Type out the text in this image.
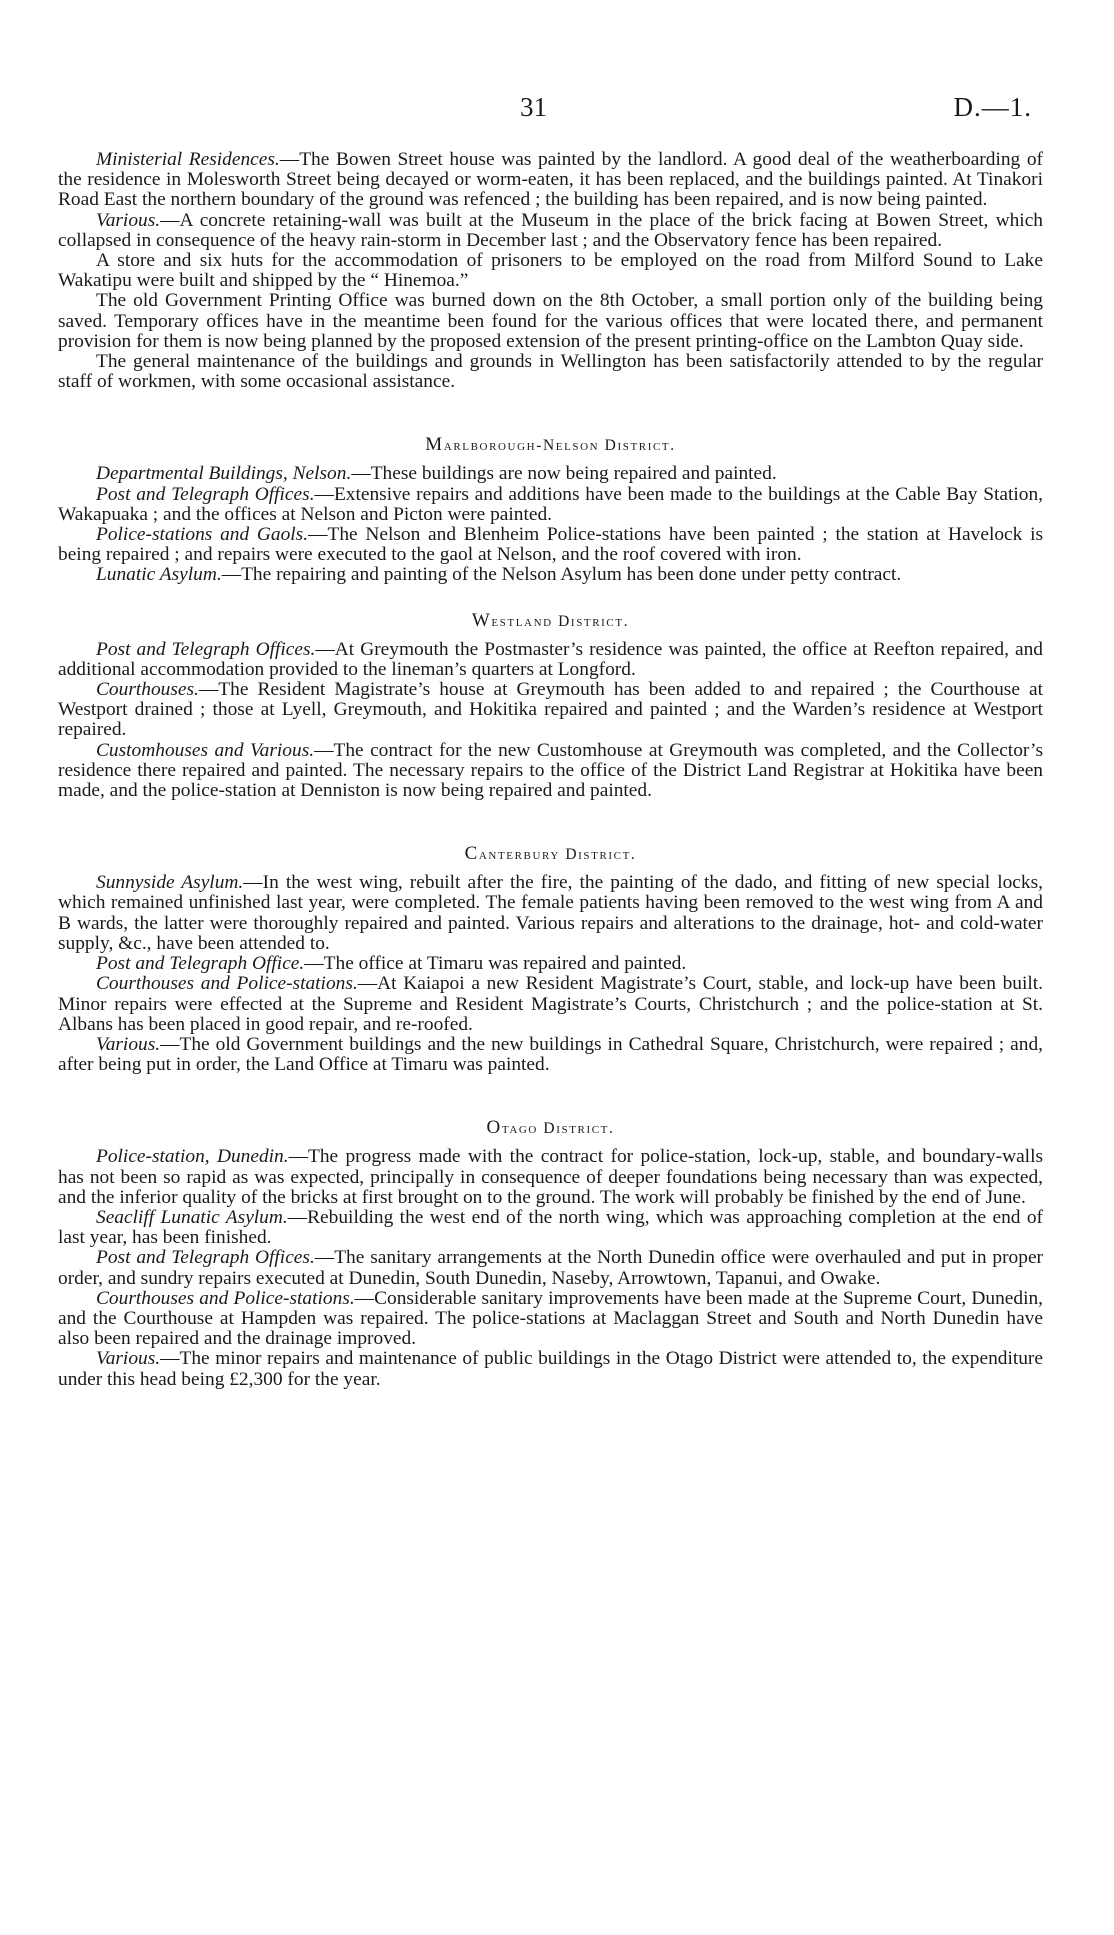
31	D.—1.

Ministerial Residences.—The Bowen Street house was painted by the landlord. A good deal of the weatherboarding of the residence in Molesworth Street being decayed or worm-eaten, it has been replaced, and the buildings painted. At Tinakori Road East the northern boundary of the ground was refenced ; the building has been repaired, and is now being painted.

Various.—A concrete retaining-wall was built at the Museum in the place of the brick facing at Bowen Street, which collapsed in consequence of the heavy rain-storm in December last ; and the Observatory fence has been repaired.

A store and six huts for the accommodation of prisoners to be employed on the road from Milford Sound to Lake Wakatipu were built and shipped by the “ Hinemoa.”

The old Government Printing Office was burned down on the 8th October, a small portion only of the building being saved. Temporary offices have in the meantime been found for the various offices that were located there, and permanent provision for them is now being planned by the proposed extension of the present printing-office on the Lambton Quay side.

The general maintenance of the buildings and grounds in Wellington has been satisfactorily attended to by the regular staff of workmen, with some occasional assistance.

Marlborough-Nelson District.

Departmental Buildings, Nelson.—These buildings are now being repaired and painted.

Post and Telegraph Offices.—Extensive repairs and additions have been made to the buildings at the Cable Bay Station, Wakapuaka ; and the offices at Nelson and Picton were painted.

Police-stations and Gaols.—The Nelson and Blenheim Police-stations have been painted ; the station at Havelock is being repaired ; and repairs were executed to the gaol at Nelson, and the roof covered with iron.

Lunatic Asylum.—The repairing and painting of the Nelson Asylum has been done under petty contract.

Westland District.

Post and Telegraph Offices.—At Greymouth the Postmaster’s residence was painted, the office at Reefton repaired, and additional accommodation provided to the lineman’s quarters at Longford.

Courthouses.—The Resident Magistrate’s house at Greymouth has been added to and repaired ; the Courthouse at Westport drained ; those at Lyell, Greymouth, and Hokitika repaired and painted ; and the Warden’s residence at Westport repaired.

Customhouses and Various.—The contract for the new Customhouse at Greymouth was completed, and the Collector’s residence there repaired and painted. The necessary repairs to the office of the District Land Registrar at Hokitika have been made, and the police-station at Denniston is now being repaired and painted.

Canterbury District.

Sunnyside Asylum.—In the west wing, rebuilt after the fire, the painting of the dado, and fitting of new special locks, which remained unfinished last year, were completed. The female patients having been removed to the west wing from A and B wards, the latter were thoroughly repaired and painted. Various repairs and alterations to the drainage, hot- and cold-water supply, &c., have been attended to.

Post and Telegraph Office.—The office at Timaru was repaired and painted.

Courthouses and Police-stations.—At Kaiapoi a new Resident Magistrate’s Court, stable, and lock-up have been built. Minor repairs were effected at the Supreme and Resident Magistrate’s Courts, Christchurch ; and the police-station at St. Albans has been placed in good repair, and re-roofed.

Various.—The old Government buildings and the new buildings in Cathedral Square, Christchurch, were repaired ; and, after being put in order, the Land Office at Timaru was painted.

Otago District.

Police-station, Dunedin.—The progress made with the contract for police-station, lock-up, stable, and boundary-walls has not been so rapid as was expected, principally in consequence of deeper foundations being necessary than was expected, and the inferior quality of the bricks at first brought on to the ground. The work will probably be finished by the end of June.

Seacliff Lunatic Asylum.—Rebuilding the west end of the north wing, which was approaching completion at the end of last year, has been finished.

Post and Telegraph Offices.—The sanitary arrangements at the North Dunedin office were overhauled and put in proper order, and sundry repairs executed at Dunedin, South Dunedin, Naseby, Arrowtown, Tapanui, and Owake.

Courthouses and Police-stations.—Considerable sanitary improvements have been made at the Supreme Court, Dunedin, and the Courthouse at Hampden was repaired. The police-stations at Maclaggan Street and South and North Dunedin have also been repaired and the drainage improved.

Various.—The minor repairs and maintenance of public buildings in the Otago District were attended to, the expenditure under this head being £2,300 for the year.
